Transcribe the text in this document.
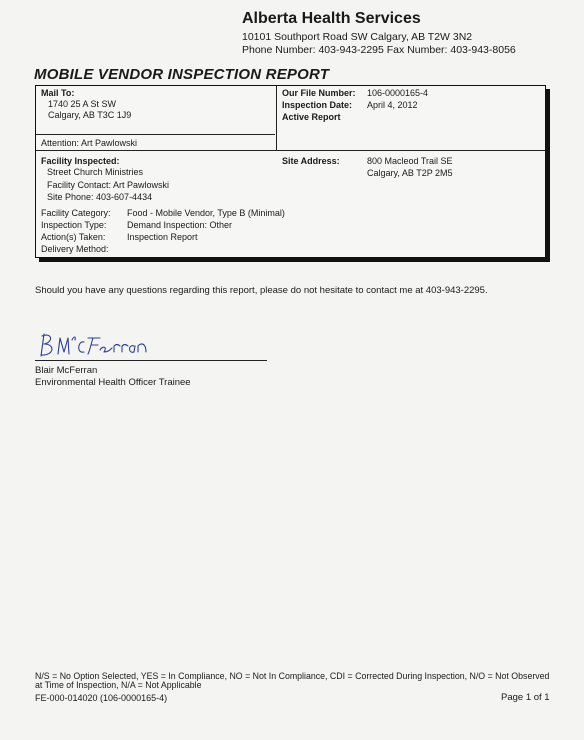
Alberta Health Services
10101 Southport Road SW Calgary, AB T2W 3N2
Phone Number: 403-943-2295 Fax Number: 403-943-8056
MOBILE VENDOR INSPECTION REPORT
Mail To:
1740 25 A St SW
Calgary, AB T3C 1J9
Attention: Art Pawlowski
Our File Number: 106-0000165-4
Inspection Date: April 4, 2012
Active Report
Facility Inspected:
Street Church Ministries
Facility Contact: Art Pawlowski
Site Phone: 403-607-4434
Site Address:	800 Macleod Trail SE
Calgary, AB T2P 2M5
Facility Category: Food - Mobile Vendor, Type B (Minimal)
Inspection Type: Demand Inspection: Other
Action(s) Taken: Inspection Report
Delivery Method:
Should you have any questions regarding this report, please do not hesitate to contact me at 403-943-2295.
Blair McFerran
Environmental Health Officer Trainee
N/S = No Option Selected, YES = In Compliance, NO = Not In Compliance, CDI = Corrected During Inspection, N/O = Not Observed
at Time of Inspection, N/A = Not Applicable
FE-000-014020 (106-0000165-4)	Page 1 of 1
